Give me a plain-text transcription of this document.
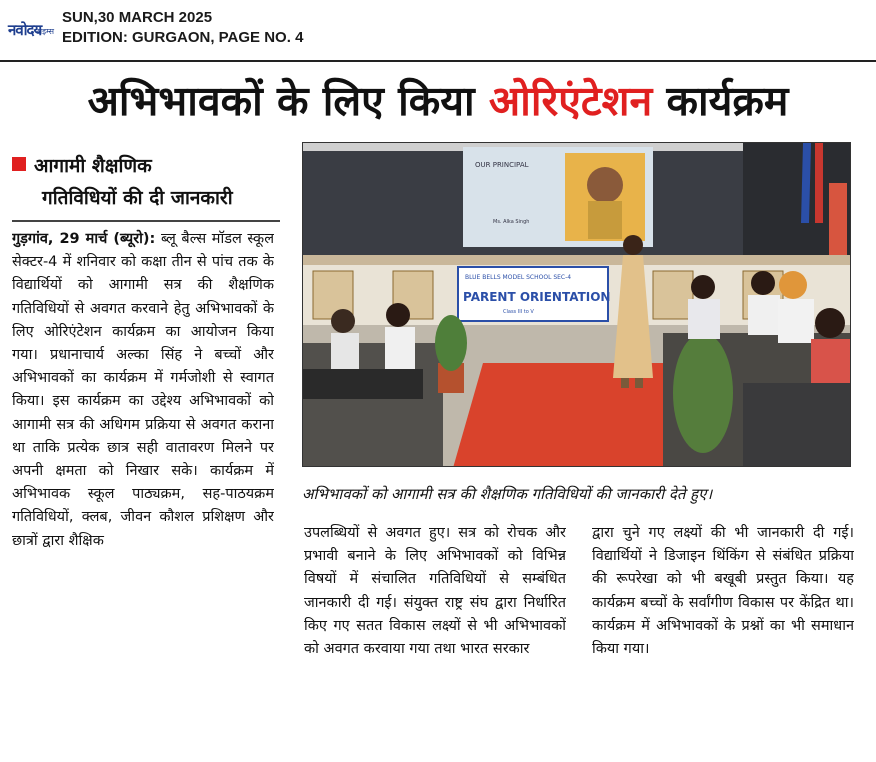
नवोदय
टाइम्स
SUN,30 MARCH 2025
EDITION: GURGAON, PAGE NO. 4
अभिभावकों के लिए किया ओरिएंटेशन कार्यक्रम
आगामी शैक्षणिक
गतिविधियों की दी जानकारी
गुड़गांव, 29 मार्च (ब्यूरो): ब्लू बैल्स मॉडल स्कूल सेक्टर-4 में शनिवार को कक्षा तीन से पांच तक के विद्यार्थियों को आगामी सत्र की शैक्षणिक गतिविधियों से अवगत करवाने हेतु अभिभावकों के लिए ओरिएंटेशन कार्यक्रम का आयोजन किया गया। प्रधानाचार्य अल्का सिंह ने बच्चों और अभिभावकों का कार्यक्रम में गर्मजोशी से स्वागत किया। इस कार्यक्रम का उद्देश्य अभिभावकों को आगामी सत्र की अधिगम प्रक्रिया से अवगत कराना था ताकि प्रत्येक छात्र सही वातावरण मिलने पर अपनी क्षमता को निखार सके। कार्यक्रम में अभिभावक स्कूल पाठ्यक्रम, सह-पाठयक्रम गतिविधियों, क्लब, जीवन कौशल प्रशिक्षण और छात्रों द्वारा शैक्षिक
OUR PRINCIPAL
Ms. Alka Singh
BLUE BELLS MODEL SCHOOL SEC-4
PARENT ORIENTATION
Class III to V
अभिभावकों को आगामी सत्र की शैक्षणिक गतिविधियों की जानकारी देते हुए।
उपलब्धियों से अवगत हुए। सत्र को रोचक और प्रभावी बनाने के लिए अभिभावकों को विभिन्न विषयों में संचालित गतिविधियों से सम्बंधित जानकारी दी गई। संयुक्त राष्ट्र संघ द्वारा निर्धारित किए गए सतत विकास लक्ष्यों से भी अभिभावकों को अवगत करवाया गया तथा भारत सरकार
द्वारा चुने गए लक्ष्यों की भी जानकारी दी गई। विद्यार्थियों ने डिजाइन थिंकिंग से संबंधित प्रक्रिया की रूपरेखा को भी बखूबी प्रस्तुत किया। यह कार्यक्रम बच्चों के सर्वांगीण विकास पर केंद्रित था। कार्यक्रम में अभिभावकों के प्रश्नों का भी समाधान किया गया।
